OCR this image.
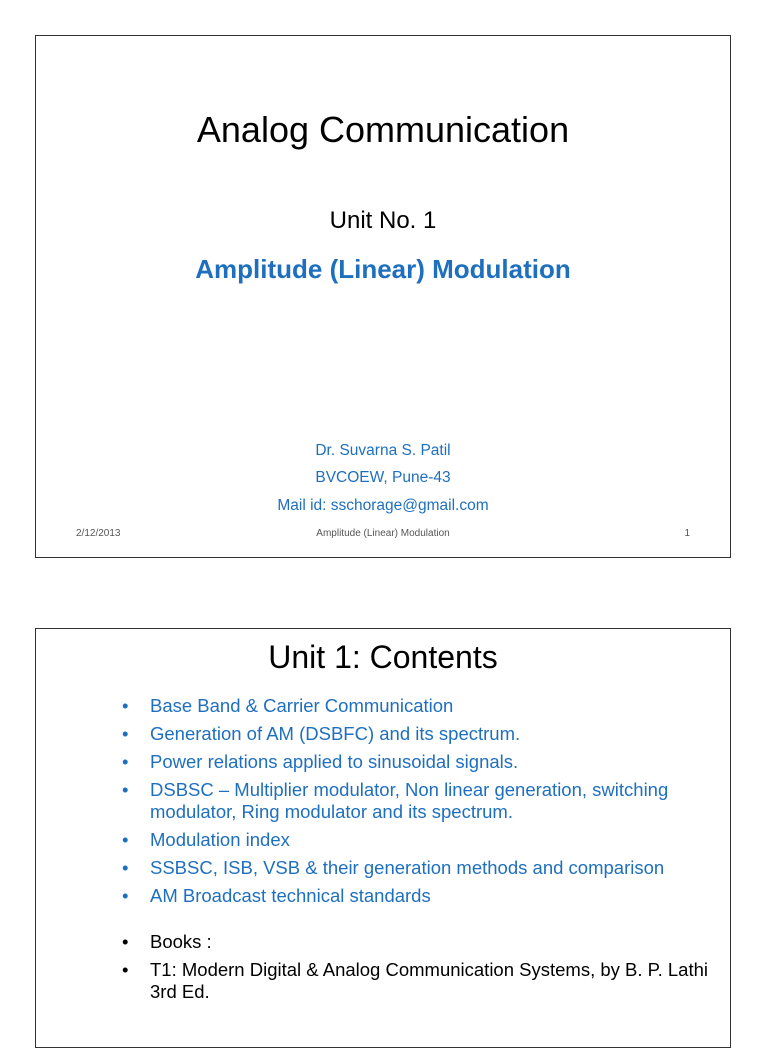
Analog Communication
Unit No. 1
Amplitude (Linear) Modulation
Dr. Suvarna S. Patil
BVCOEW, Pune-43
Mail id: sschorage@gmail.com
2/12/2013	Amplitude (Linear) Modulation	1
Unit 1: Contents
•	Base Band & Carrier Communication
•	Generation of AM (DSBFC) and its spectrum.
•	Power relations applied to sinusoidal signals.
•	DSBSC – Multiplier modulator, Non linear generation, switching modulator, Ring modulator and its spectrum.
•	Modulation index
•	SSBSC, ISB, VSB & their generation methods and comparison
•	AM Broadcast technical standards
•	Books :
•	T1: Modern Digital & Analog Communication Systems, by B. P. Lathi 3rd Ed.
